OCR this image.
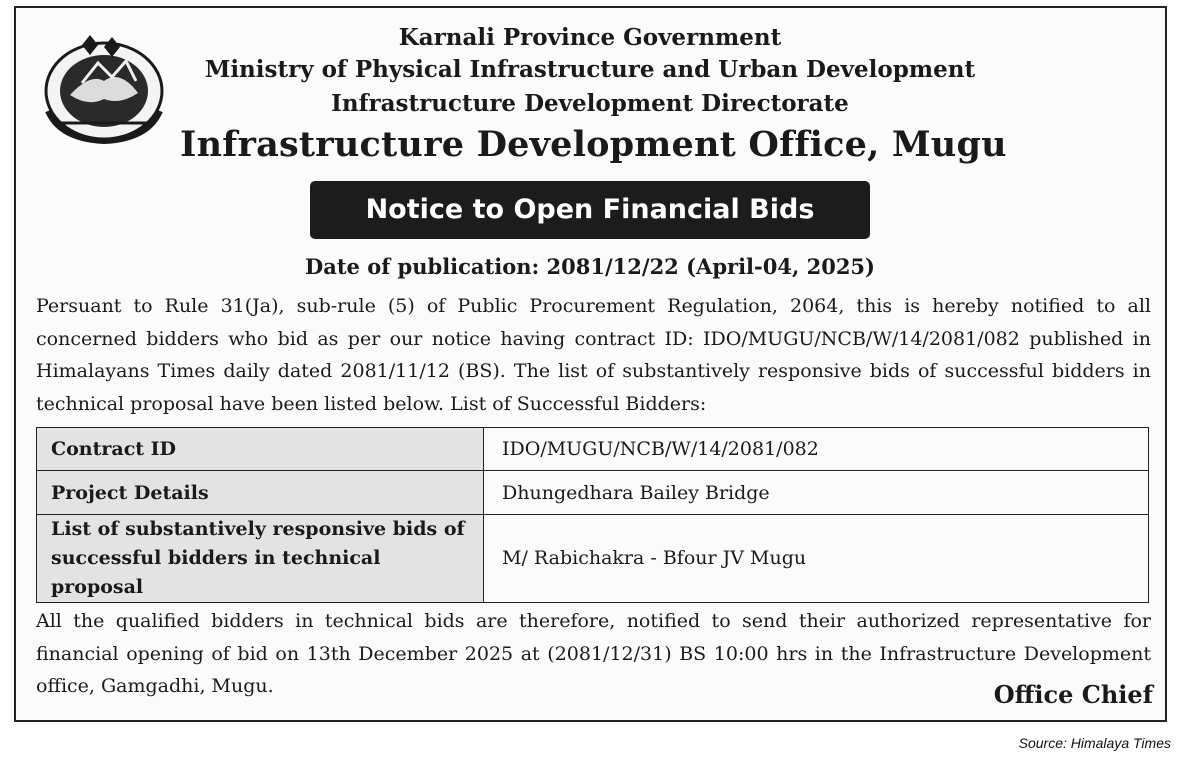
Karnali Province Government
Ministry of Physical Infrastructure and Urban Development
Infrastructure Development Directorate
Infrastructure Development Office, Mugu
Notice to Open Financial Bids
Date of publication: 2081/12/22 (April-04, 2025)
Persuant to Rule 31(Ja), sub-rule (5) of Public Procurement Regulation, 2064, this is hereby notified to all concerned bidders who bid as per our notice having contract ID: IDO/MUGU/NCB/W/14/2081/082 published in Himalayans Times daily dated 2081/11/12 (BS). The list of substantively responsive bids of successful bidders in technical proposal have been listed below. List of Successful Bidders:
Contract ID	IDO/MUGU/NCB/W/14/2081/082
Project Details	Dhungedhara Bailey Bridge
List of substantively responsive bids of successful bidders in technical proposal	M/ Rabichakra - Bfour JV Mugu
All the qualified bidders in technical bids are therefore, notified to send their authorized representative for financial opening of bid on 13th December 2025 at (2081/12/31) BS 10:00 hrs in the Infrastructure Development office, Gamgadhi, Mugu.	Office Chief
Source: Himalaya Times
